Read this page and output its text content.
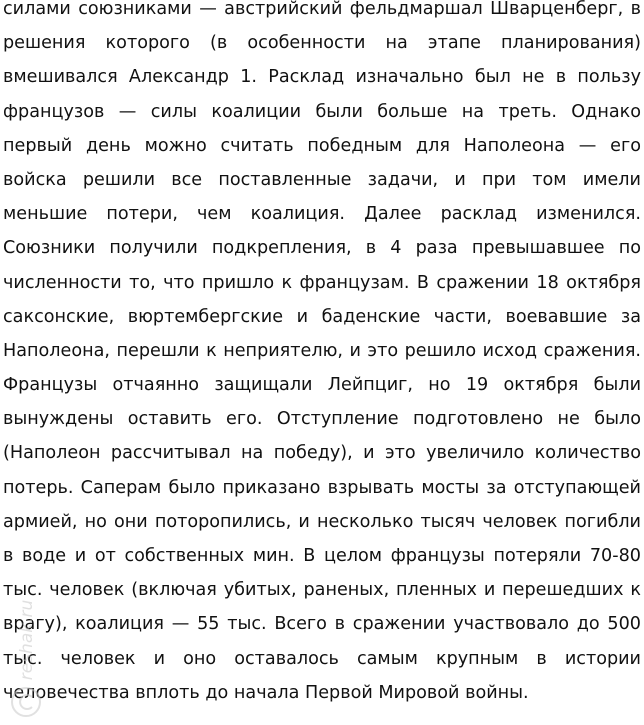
силами союзниками — австрийский фельдмаршал Шварценберг, в
решения которого (в особенности на этапе планирования)
вмешивался Александр 1. Расклад изначально был не в пользу
французов — силы коалиции были больше на треть. Однако
первый день можно считать победным для Наполеона — его
войска решили все поставленные задачи, и при том имели
меньшие потери, чем коалиция. Далее расклад изменился.
Союзники получили подкрепления, в 4 раза превышавшее по
численности то, что пришло к французам. В сражении 18 октября
саксонские, вюртембергские и баденские части, воевавшие за
Наполеона, перешли к неприятелю, и это решило исход сражения.
Французы отчаянно защищали Лейпциг, но 19 октября были
вынуждены оставить его. Отступление подготовлено не было
(Наполеон рассчитывал на победу), и это увеличило количество
потерь. Саперам было приказано взрывать мосты за отступающей
армией, но они поторопились, и несколько тысяч человек погибли
в воде и от собственных мин. В целом французы потеряли 70-80
тыс. человек (включая убитых, раненых, пленных и перешедших к
врагу), коалиция — 55 тыс. Всего в сражении участвовало до 500
тыс. человек и оно оставалось самым крупным в истории
человечества вплоть до начала Первой Мировой войны.
reshak.ru
